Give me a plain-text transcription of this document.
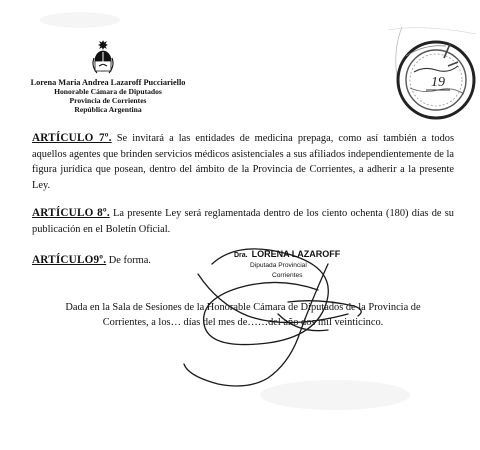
Lorena Maria Andrea Lazaroff Pucciariello
Honorable Cámara de Diputados
Provincia de Corrientes
República Argentina
19
ARTÍCULO 7º. Se invitará a las entidades de medicina prepaga, como así también a todos aquellos agentes que brinden servicios médicos asistenciales a sus afiliados independientemente de la figura jurídica que posean, dentro del ámbito de la Provincia de Corrientes, a adherir a la presente Ley.
ARTÍCULO 8º. La presente Ley será reglamentada dentro de los ciento ochenta (180) días de su publicación en el Boletín Oficial.
ARTÍCULO9º. De forma.
Dada en la Sala de Sesiones de la Honorable Cámara de Diputados de la Provincia de
Corrientes, a los… días del mes de……del año dos mil veinticinco.
Dra. LORENA LAZAROFF
Diputada Provincial
Corrientes
